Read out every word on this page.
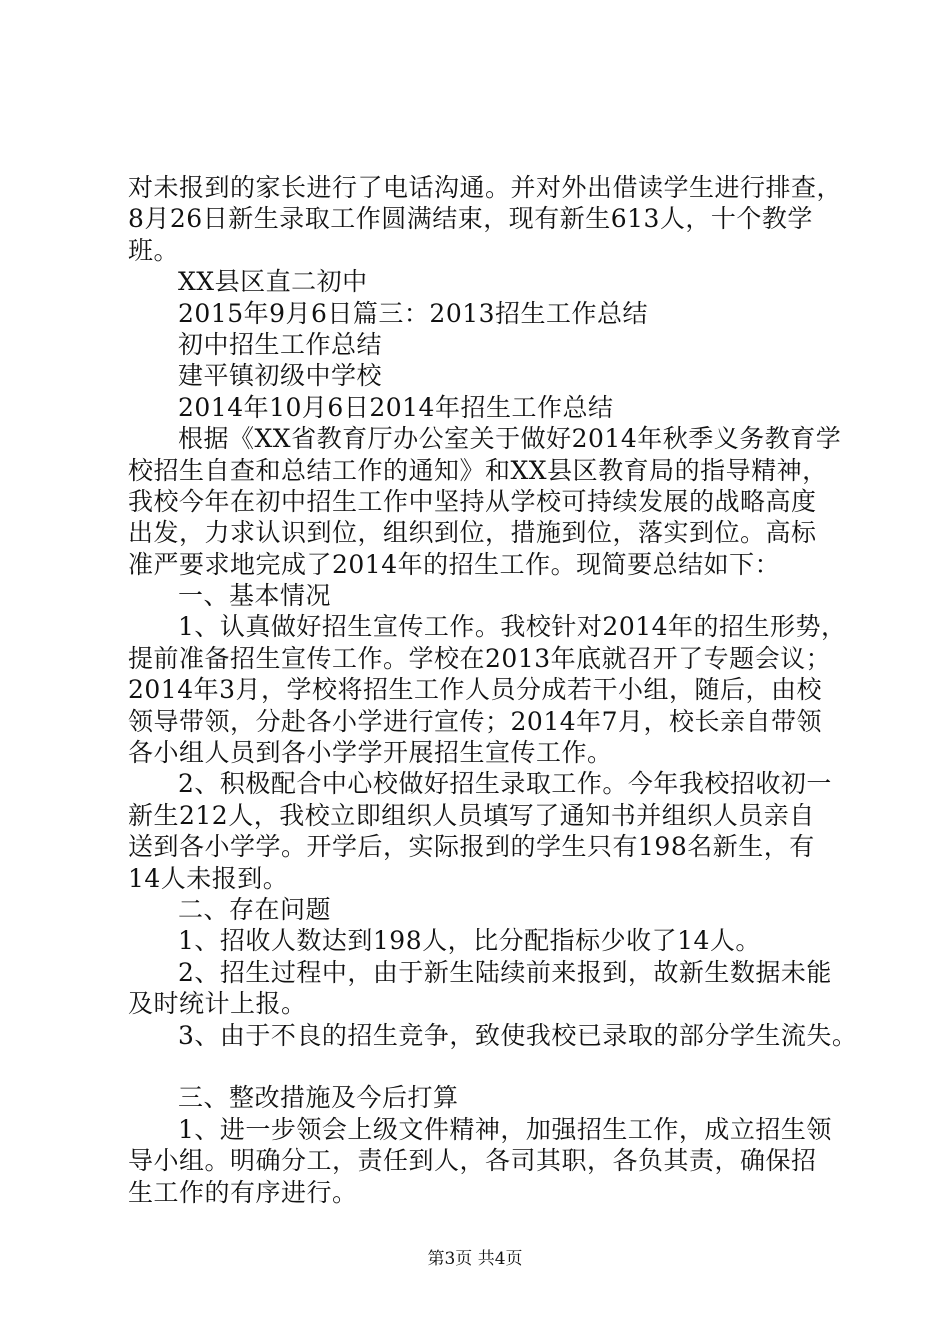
对未报到的家长进行了电话沟通。并对外出借读学生进行排查，
8月26日新生录取工作圆满结束，现有新生613人，十个教学
班。
XX县区直二初中
2015年9月6日篇三：2013招生工作总结
初中招生工作总结
建平镇初级中学校
2014年10月6日2014年招生工作总结
根据《XX省教育厅办公室关于做好2014年秋季义务教育学
校招生自查和总结工作的通知》和XX县区教育局的指导精神，
我校今年在初中招生工作中坚持从学校可持续发展的战略高度
出发，力求认识到位，组织到位，措施到位，落实到位。高标
准严要求地完成了2014年的招生工作。现简要总结如下：
一、基本情况
1、认真做好招生宣传工作。我校针对2014年的招生形势，
提前准备招生宣传工作。学校在2013年底就召开了专题会议；
2014年3月，学校将招生工作人员分成若干小组，随后，由校
领导带领，分赴各小学进行宣传；2014年7月，校长亲自带领
各小组人员到各小学学开展招生宣传工作。
2、积极配合中心校做好招生录取工作。今年我校招收初一
新生212人，我校立即组织人员填写了通知书并组织人员亲自
送到各小学学。开学后，实际报到的学生只有198名新生，有
14人未报到。
二、存在问题
1、招收人数达到198人，比分配指标少收了14人。
2、招生过程中，由于新生陆续前来报到，故新生数据未能
及时统计上报。
3、由于不良的招生竞争，致使我校已录取的部分学生流失。
三、整改措施及今后打算
1、进一步领会上级文件精神，加强招生工作，成立招生领
导小组。明确分工，责任到人，各司其职，各负其责，确保招
生工作的有序进行。
第3页 共4页
